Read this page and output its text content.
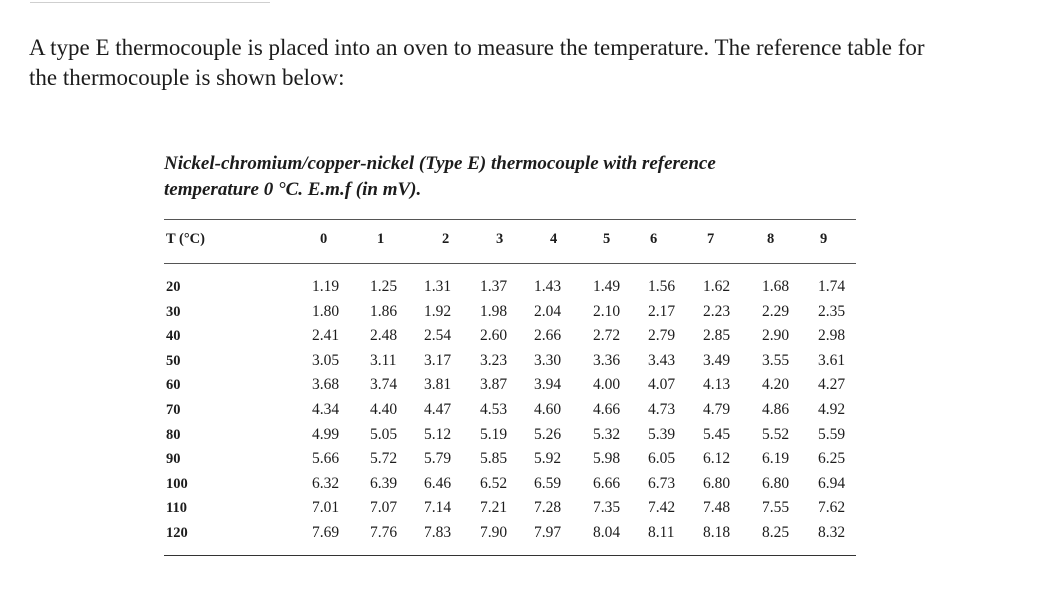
A type E thermocouple is placed into an oven to measure the temperature. The reference table for
the thermocouple is shown below:
Nickel-chromium/copper-nickel (Type E) thermocouple with reference
temperature 0 °C. E.m.f (in mV).
T (°C)	0	1	2	3	4	5	6	7	8	9
20	1.19 1.25 1.31 1.37 1.43 1.49 1.56 1.62 1.68 1.74
30	1.80 1.86 1.92 1.98 2.04 2.10 2.17 2.23 2.29 2.35
40	2.41 2.48 2.54 2.60 2.66 2.72 2.79 2.85 2.90 2.98
50	3.05 3.11 3.17 3.23 3.30 3.36 3.43 3.49 3.55 3.61
60	3.68 3.74 3.81 3.87 3.94 4.00 4.07 4.13 4.20 4.27
70	4.34 4.40 4.47 4.53 4.60 4.66 4.73 4.79 4.86 4.92
80	4.99 5.05 5.12 5.19 5.26 5.32 5.39 5.45 5.52 5.59
90	5.66 5.72 5.79 5.85 5.92 5.98 6.05 6.12 6.19 6.25
100	6.32 6.39 6.46 6.52 6.59 6.66 6.73 6.80 6.80 6.94
110	7.01 7.07 7.14 7.21 7.28 7.35 7.42 7.48 7.55 7.62
120	7.69 7.76 7.83 7.90 7.97 8.04 8.11 8.18 8.25 8.32
